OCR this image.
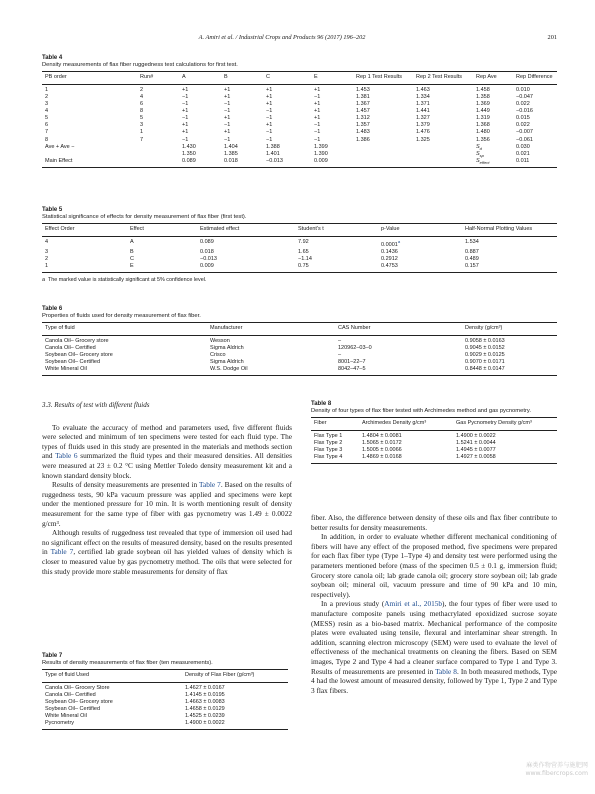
A. Amiri et al. / Industrial Crops and Products 96 (2017) 196–202	201
Table 4
Density measurements of flax fiber ruggedness test calculations for first test.
PB order	Run#	A	B	C	E	Rep 1 Test Results	Rep 2 Test Results	Rep Ave	Rep Difference
1	2	+1	+1	+1	+1	1.453	1.463	1.458	0.010
2	4	−1	+1	+1	−1	1.381	1.334	1.358	−0.047
3	6	−1	−1	+1	+1	1.367	1.371	1.369	0.022
4	8	+1	−1	−1	+1	1.457	1.441	1.449	−0.016
5	5	−1	+1	−1	+1	1.312	1.327	1.319	0.015
6	3	+1	−1	+1	−1	1.357	1.379	1.368	0.022
7	1	+1	+1	−1	−1	1.483	1.476	1.480	−0.007
8	7	−1	−1	−1	−1	1.386	1.325	1.356	−0.061
Ave + Ave −		1.430	1.404	1.388	1.399			$S_d$	0.030
		1.350	1.385	1.401	1.390			$S_{sp}$	0.021
Main Effect		0.089	0.018	−0.013	0.009			$S_{effect}$	0.011
Table 5
Statistical significance of effects for density measurement of flax fiber (first test).
Effect Order	Effect	Estimated effect	Student's t	p-Value	Half-Normal Plotting Values
4	A	0.089	7.92	0.0001$^a$	1.534
3	B	0.018	1.65	0.1436	0.887
2	C	−0.013	−1.14	0.2912	0.489
1	E	0.009	0.75	0.4753	0.157
a The marked value is statistically significant at 5% confidence level.
Table 6
Properties of fluids used for density measurement of flax fiber.
Type of fluid	Manufacturer	CAS Number	Density (g/cm³)
Canola Oil– Grocery store	Wesson	–	0.9058 ± 0.0163
Canola Oil– Certified	Sigma Aldrich	120962–03–0	0.9045 ± 0.0152
Soybean Oil– Grocery store	Crisco	–	0.9029 ± 0.0125
Soybean Oil– Certified	Sigma Aldrich	8001–22–7	0.9070 ± 0.0171
White Mineral Oil	W.S. Dodge Oil	8042–47–5	0.8448 ± 0.0147
3.3. Results of test with different fluids

To evaluate the accuracy of method and parameters used, five different fluids were selected and minimum of ten specimens were tested for each fluid type. The types of fluids used in this study are presented in the materials and methods section and Table 6 summarized the fluid types and their measured densities. All densities were measured at 23 ± 0.2 °C using Mettler Toledo density measurement kit and a known standard density block.

Results of density measurements are presented in Table 7. Based on the results of ruggedness tests, 90 kPa vacuum pressure was applied and specimens were kept under the mentioned pressure for 10 min. It is worth mentioning result of density measurement for the same type of fiber with gas pycnometry was 1.49 ± 0.0022 g/cm³.

Although results of ruggedness test revealed that type of immersion oil used had no significant effect on the results of measured density, based on the results presented in Table 7, certified lab grade soybean oil has yielded values of density which is closer to measured value by gas pycnometry method. The oils that were selected for this study provide more stable measurements for density of flax

Table 8
Density of four types of flax fiber tested with Archimedes method and gas pycnometry.
Fiber	Archimedes Density g/cm³	Gas Pycnometry Density g/cm³
Flax Type 1	1.4804 ± 0.0081	1.4900 ± 0.0022
Flax Type 2	1.5065 ± 0.0172	1.5241 ± 0.0044
Flax Type 3	1.5005 ± 0.0066	1.4945 ± 0.0077
Flax Type 4	1.4869 ± 0.0168	1.4927 ± 0.0058

fiber. Also, the difference between density of these oils and flax fiber contribute to better results for density measurements.

In addition, in order to evaluate whether different mechanical conditioning of fibers will have any effect of the proposed method, five specimens were prepared for each flax fiber type (Type 1–Type 4) and density test were performed using the parameters mentioned before (mass of the specimen 0.5 ± 0.1 g, immersion fluid; Grocery store canola oil; lab grade canola oil; grocery store soybean oil; lab grade soybean oil; mineral oil, vacuum pressure and time of 90 kPa and 10 min, respectively).

In a previous study (Amiri et al., 2015b), the four types of fiber were used to manufacture composite panels using methacrylated epoxidized sucrose soyate (MESS) resin as a bio-based matrix. Mechanical performance of the composite plates were evaluated using tensile, flexural and interlaminar shear strength. In addition, scanning electron microscopy (SEM) were used to evaluate the level of effectiveness of the mechanical treatments on cleaning the fibers. Based on SEM images, Type 2 and Type 4 had a cleaner surface compared to Type 1 and Type 3. Results of measurements are presented in Table 8. In both measured methods, Type 4 had the lowest amount of measured density, followed by Type 1, Type 2 and Type 3 flax fibers.

Table 7
Results of density measurements of flax fiber (ten measurements).
Type of fluid Used	Density of Flax Fiber (g/cm³)
Canola Oil– Grocery Store	1.4627 ± 0.0167
Canola Oil– Certified	1.4145 ± 0.0195
Soybean Oil– Grocery store	1.4663 ± 0.0083
Soybean Oil– Certified	1.4658 ± 0.0129
White Mineral Oil	1.4525 ± 0.0239
Pycnometry	1.4900 ± 0.0022
麻类作物营养与施肥网
www.fibercrops.com
